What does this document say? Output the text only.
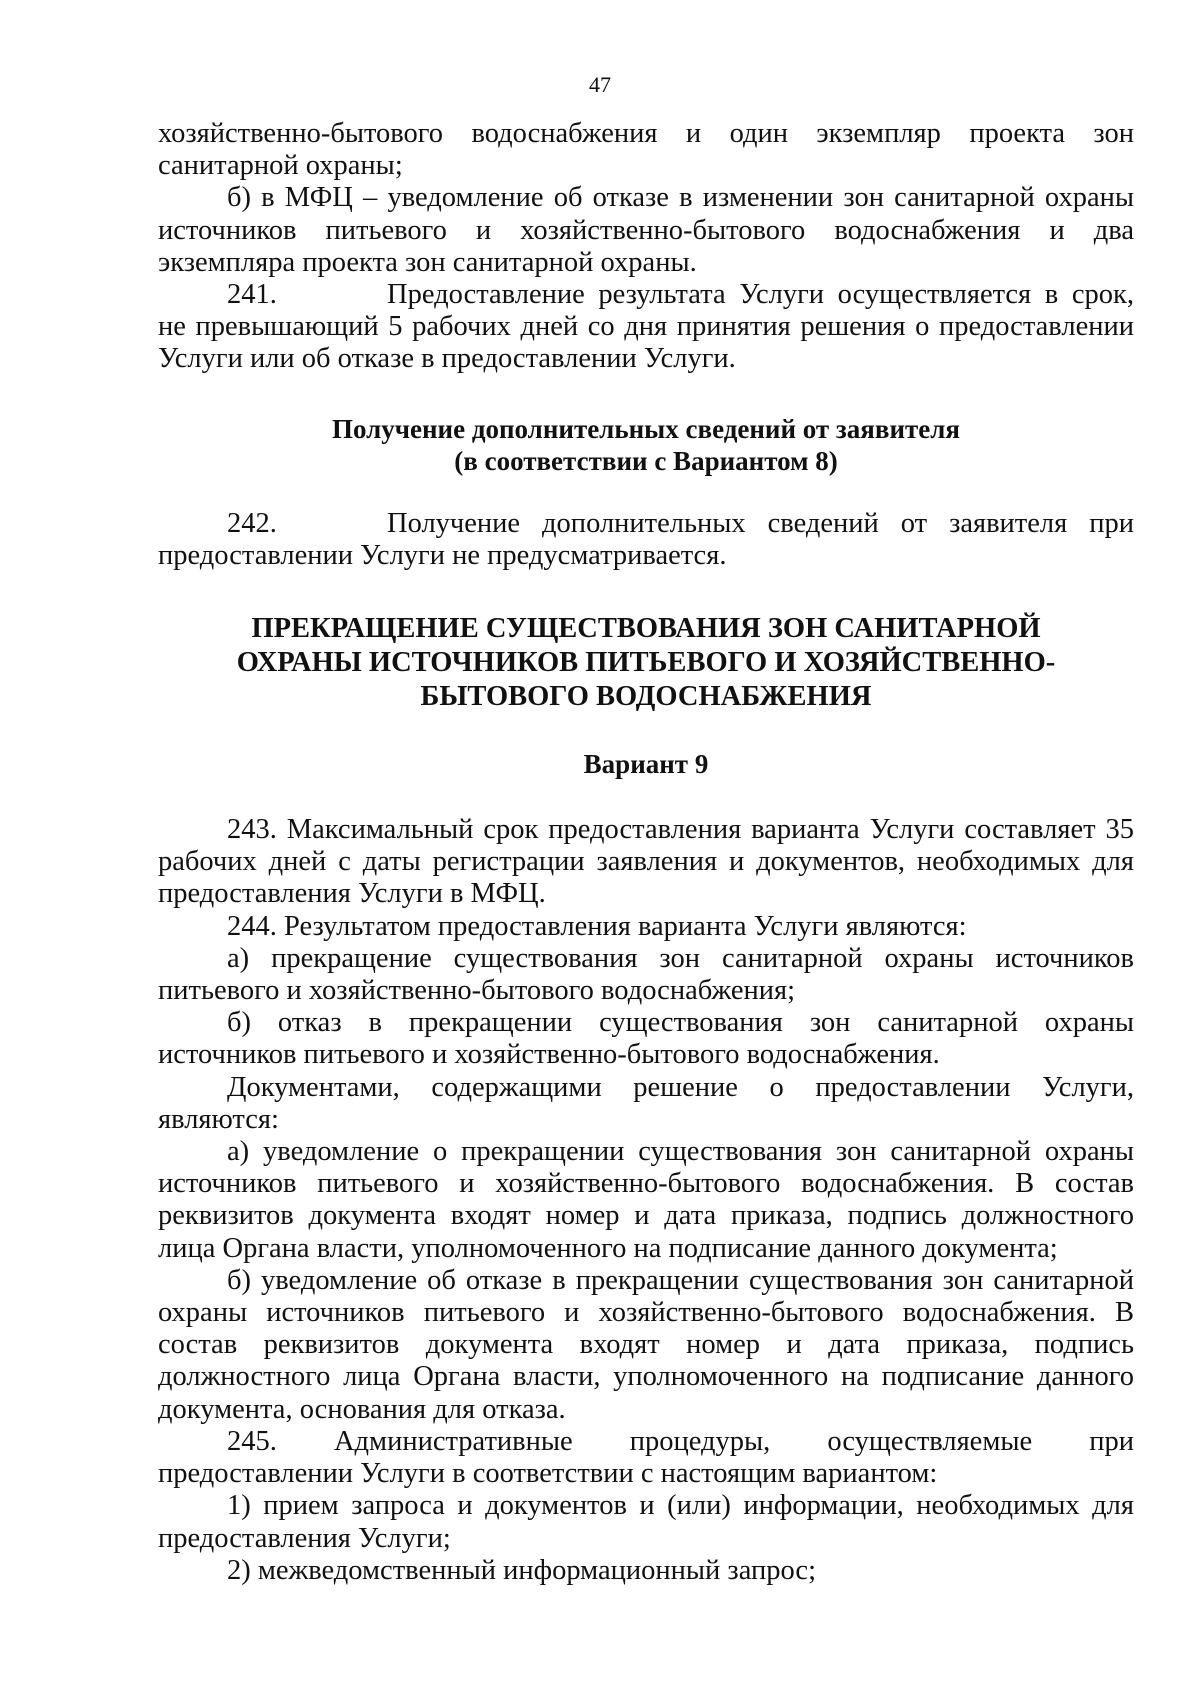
47

хозяйственно-бытового водоснабжения и один экземпляр проекта зон санитарной охраны;

б) в МФЦ – уведомление об отказе в изменении зон санитарной охраны источников питьевого и хозяйственно-бытового водоснабжения и два экземпляра проекта зон санитарной охраны.

241.	Предоставление результата Услуги осуществляется в срок, не превышающий 5 рабочих дней со дня принятия решения о предоставлении Услуги или об отказе в предоставлении Услуги.

Получение дополнительных сведений от заявителя

(в соответствии с Вариантом 8)

242.	Получение дополнительных сведений от заявителя при предоставлении Услуги не предусматривается.

ПРЕКРАЩЕНИЕ СУЩЕСТВОВАНИЯ ЗОН САНИТАРНОЙ

ОХРАНЫ ИСТОЧНИКОВ ПИТЬЕВОГО И ХОЗЯЙСТВЕННО-

БЫТОВОГО ВОДОСНАБЖЕНИЯ

Вариант 9

243. Максимальный срок предоставления варианта Услуги составляет 35 рабочих дней с даты регистрации заявления и документов, необходимых для предоставления Услуги в МФЦ.

244. Результатом предоставления варианта Услуги являются:

а) прекращение существования зон санитарной охраны источников питьевого и хозяйственно-бытового водоснабжения;

б) отказ в прекращении существования зон санитарной охраны источников питьевого и хозяйственно-бытового водоснабжения.

Документами, содержащими решение о предоставлении Услуги, являются:

а) уведомление о прекращении существования зон санитарной охраны источников питьевого и хозяйственно-бытового водоснабжения. В состав реквизитов документа входят номер и дата приказа, подпись должностного лица Органа власти, уполномоченного на подписание данного документа;

б) уведомление об отказе в прекращении существования зон санитарной охраны источников питьевого и хозяйственно-бытового водоснабжения. В состав реквизитов документа входят номер и дата приказа, подпись должностного лица Органа власти, уполномоченного на подписание данного документа, основания для отказа.

245. Административные процедуры, осуществляемые при предоставлении Услуги в соответствии с настоящим вариантом:

1) прием запроса и документов и (или) информации, необходимых для предоставления Услуги;

2) межведомственный информационный запрос;
